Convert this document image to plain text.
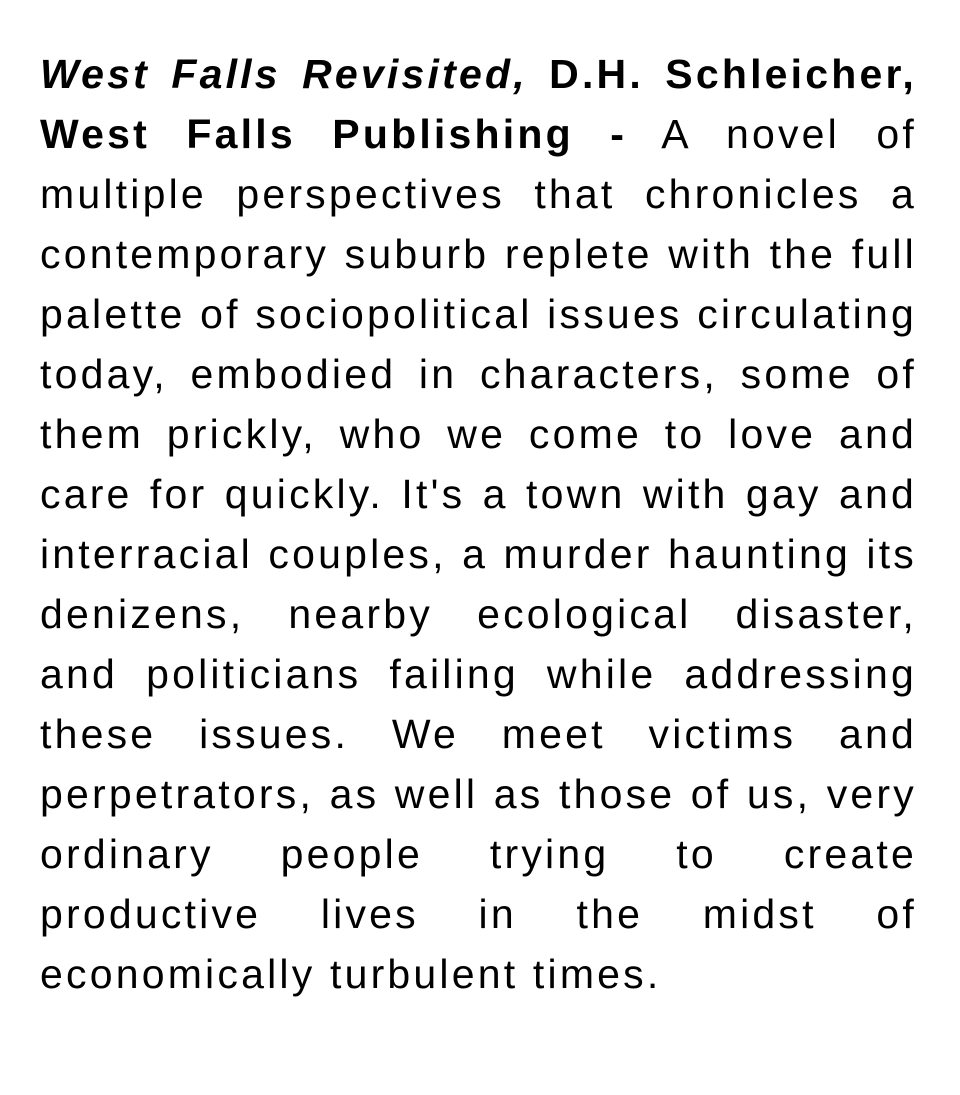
West Falls Revisited, D.H. Schleicher, West Falls Publishing - A novel of multiple perspectives that chronicles a contemporary suburb replete with the full palette of sociopolitical issues circulating today, embodied in characters, some of them prickly, who we come to love and care for quickly. It's a town with gay and interracial couples, a murder haunting its denizens, nearby ecological disaster, and politicians failing while addressing these issues. We meet victims and perpetrators, as well as those of us, very ordinary people trying to create productive lives in the midst of economically turbulent times.
